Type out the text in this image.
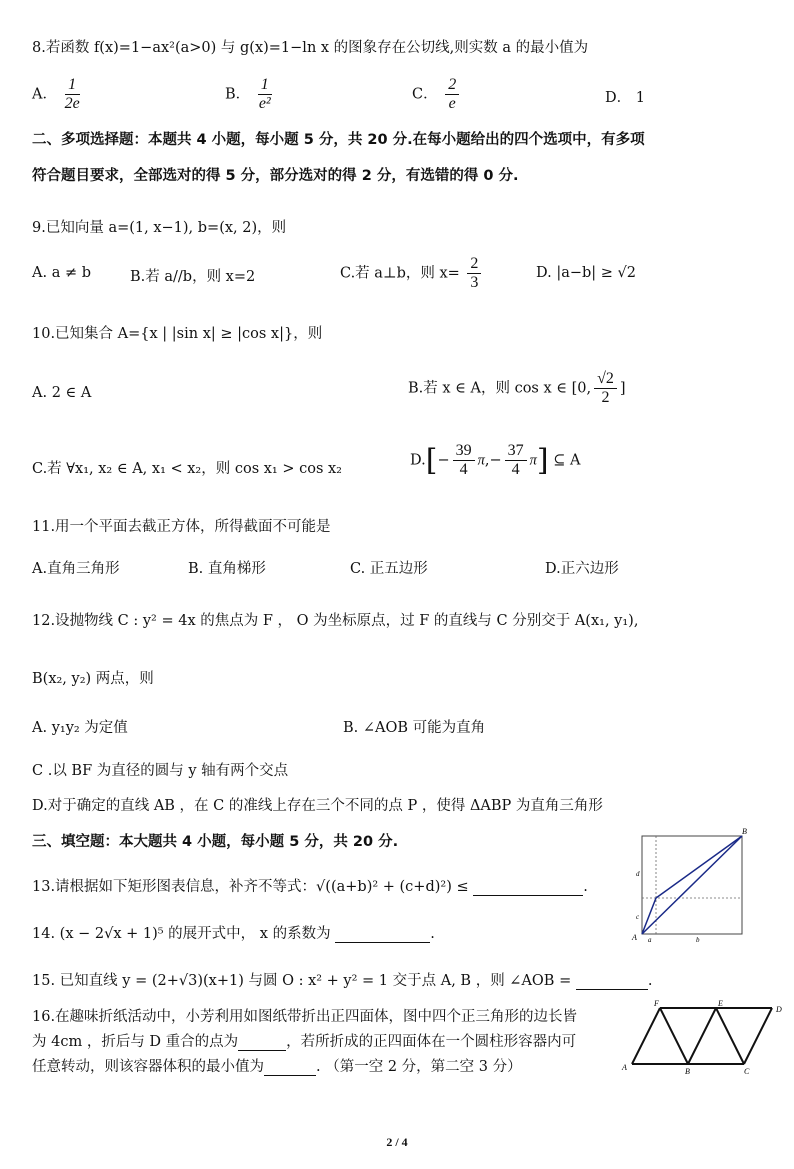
8.若函数 f(x)=1−ax²(a>0) 与 g(x)=1−ln x 的图象存在公切线,则实数 a 的最小值为
A． $\frac{1}{2e}$	B． $\frac{1}{\text{e²}}$	C． $\frac{2}{e}$	D． 1
二、多项选择题：本题共 4 小题，每小题 5 分，共 20 分.在每小题给出的四个选项中，有多项
符合题目要求，全部选对的得 5 分，部分选对的得 2 分，有选错的得 0 分.
9.已知向量 a=(1, x−1), b=(x, 2)，则
A. a ≠ b	B.若 a//b，则 x=2	C.若 a⊥b，则 $x= \frac{2}{3}$	D. |a−b| ≥ √2
10.已知集合 A={x | |sin x| ≥ |cos x|}，则
A. 2 ∈ A	B.若 x ∈ A，则 cos x ∈ [0, $\frac{√2}{2}$ ]
C.若 ∀x₁, x₂ ∈ A, x₁ < x₂，则 cos x₁ > cos x₂
$D.[- \frac{39}{4} \pi,- \frac{37}{4} \pi]$ ⊆ A
11.用一个平面去截正方体，所得截面不可能是
A.直角三角形	B. 直角梯形	C. 正五边形	D.正六边形
12.设抛物线 C : y² = 4x 的焦点为 F ， O 为坐标原点，过 F 的直线与 C 分别交于 A(x₁, y₁),
B(x₂, y₂) 两点，则
A. y₁y₂ 为定值	B. ∠AOB 可能为直角
C .以 BF 为直径的圆与 y 轴有两个交点
D.对于确定的直线 AB ，在 C 的准线上存在三个不同的点 P ，使得 ΔABP 为直角三角形
三、填空题：本大题共 4 小题，每小题 5 分，共 20 分.
13.请根据如下矩形图表信息，补齐不等式：√((a+b)² + (c+d)²) ≤	.
A
B
d
c
a	b
14. (x − 2√x + 1)⁵ 的展开式中， x 的系数为	.
15. 已知直线 y = (2+√3)(x+1) 与圆 O : x² + y² = 1 交于点 A, B ，则 ∠AOB =	.
16.在趣味折纸活动中，小芳利用如图纸带折出正四面体，图中四个正三角形的边长皆
为 4cm ，折后与 D 重合的点为	，若所折成的正四面体在一个圆柱形容器内可
任意转动，则该容器体积的最小值为	. （第一空 2 分，第二空 3 分）
F	E
D
A	B	C
2 / 4
